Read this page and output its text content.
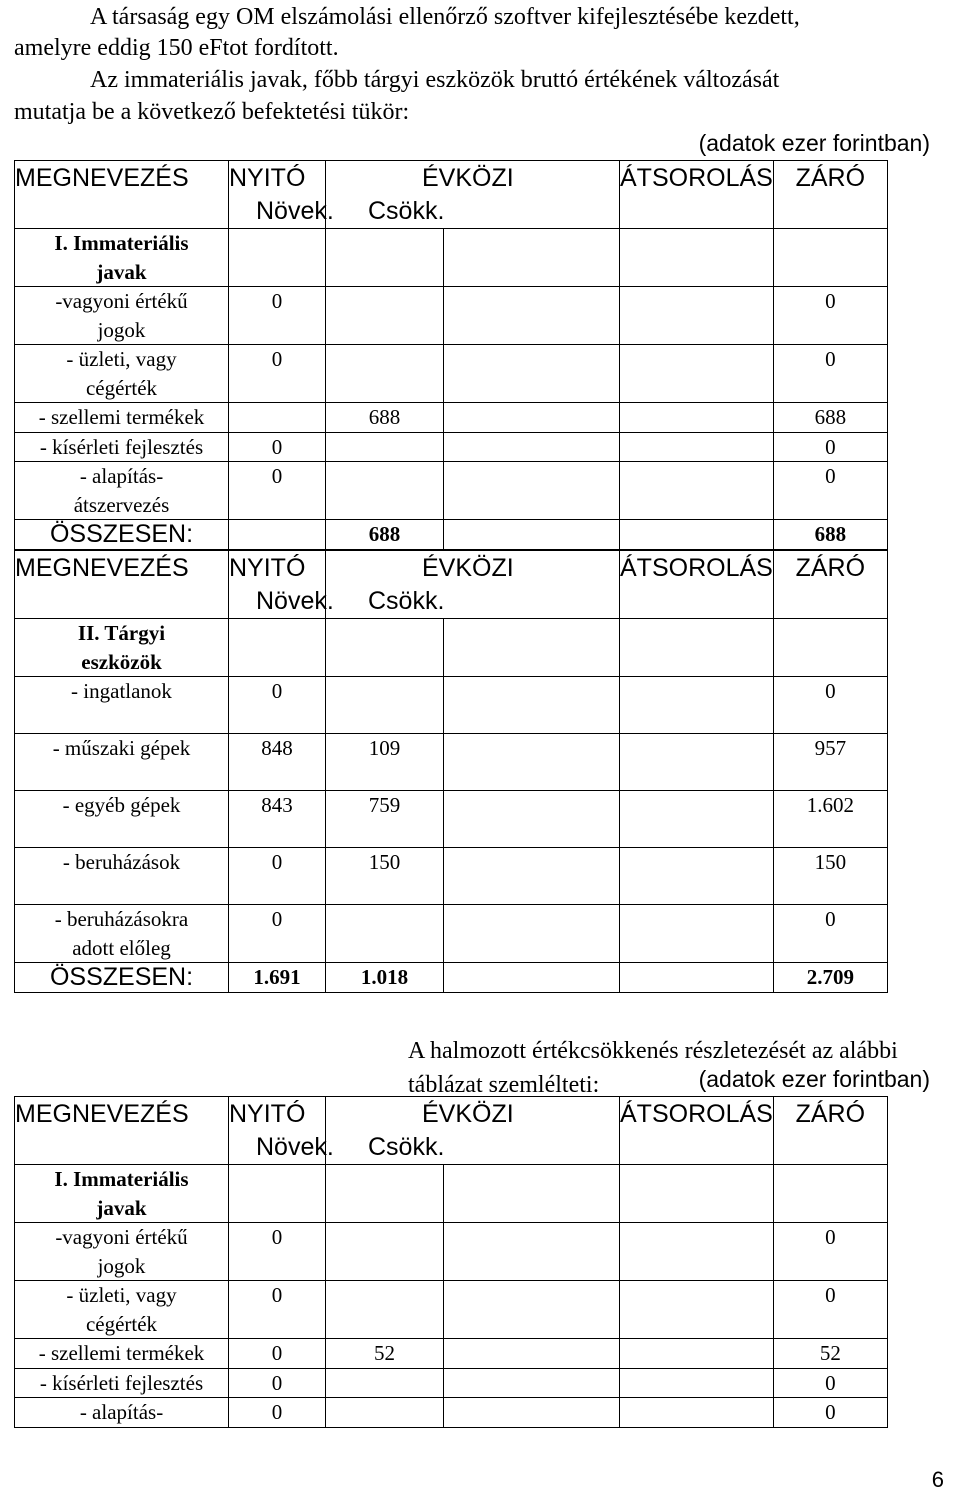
A társaság egy OM elszámolási ellenőrző szoftver kifejlesztésébe kezdett,
amelyre eddig 150 eFtot fordított.
Az immateriális javak, főbb tárgyi eszközök bruttó értékének változását
mutatja be a következő befektetési tükör:
(adatok ezer forintban)
MEGNEVEZÉS	NYITÓ	ÉVKÖZI
Növek. Csökk.		ÁTSOROLÁS	ZÁRÓ

I. Immateriális
javak					

-vagyoni értékű
jogok	0				0

- üzleti, vagy
cégérték	0				0

- szellemi termékek		688			688

- kísérleti fejlesztés	0				0

- alapítás-
átszervezés	0				0

ÖSSZESEN:		688			688
MEGNEVEZÉS	NYITÓ	ÉVKÖZI
Növek. Csökk.		ÁTSOROLÁS	ZÁRÓ

II. Tárgyi
eszközök					

- ingatlanok	0				0

- műszaki gépek	848	109			957

- egyéb gépek	843	759			1.602

- beruházások	0	150			150

- beruházásokra
adott előleg	0				0

ÖSSZESEN:	1.691	1.018			2.709
A halmozott értékcsökkenés részletezését az alábbi táblázat szemlélteti:	(adatok ezer forintban)
MEGNEVEZÉS	NYITÓ	ÉVKÖZI
Növek. Csökk.		ÁTSOROLÁS	ZÁRÓ

I. Immateriális
javak					

-vagyoni értékű
jogok	0				0

- üzleti, vagy
cégérték	0				0

- szellemi termékek	0	52			52

- kísérleti fejlesztés	0				0

- alapítás-	0				0
6
